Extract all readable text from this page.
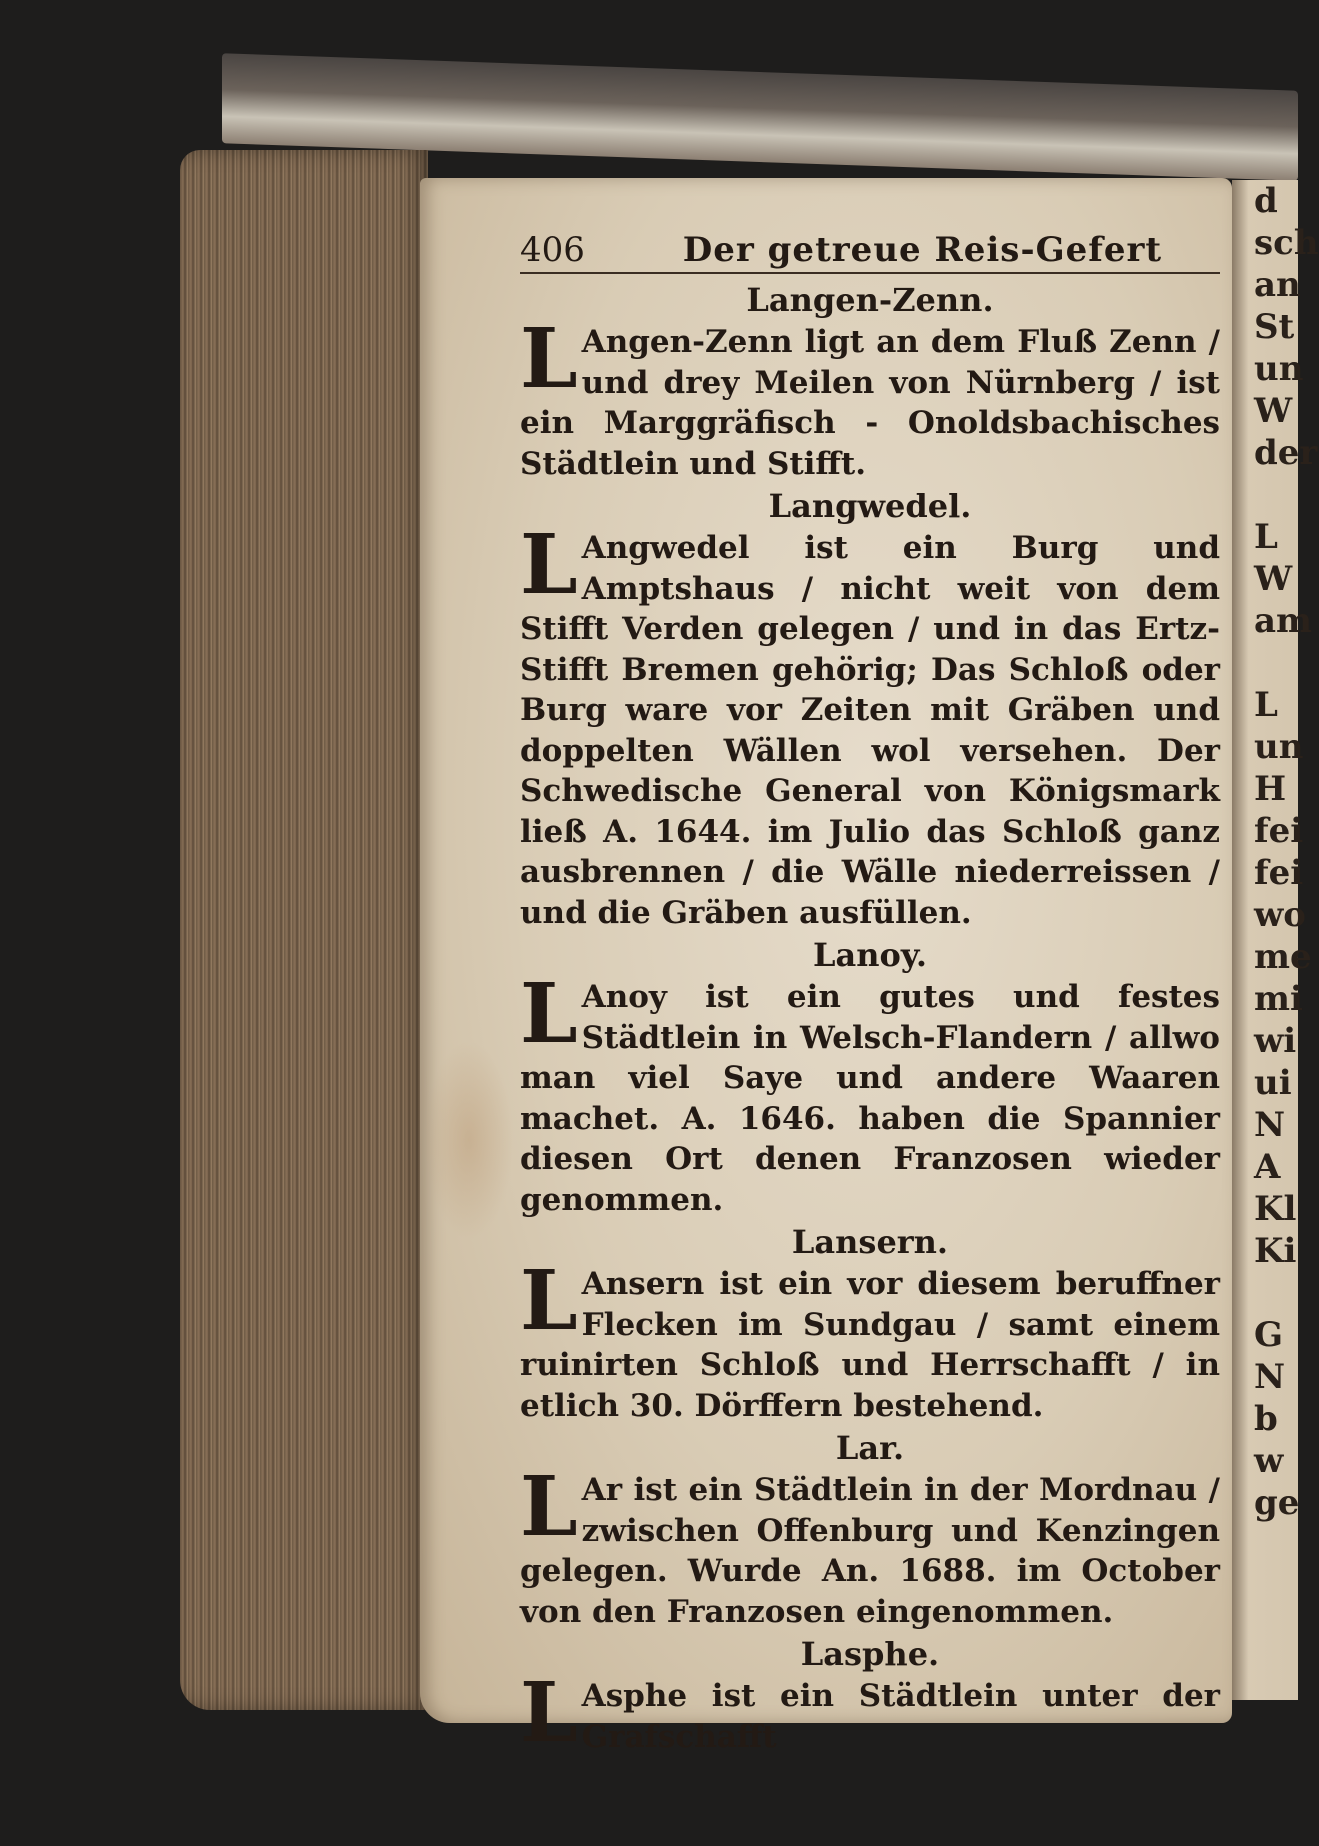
d
sch
an
St
un
W
der

L
W
am

L
un
H
fei
fei
wo
me
mi
wi
ui
N
A
Kl
Ki

G
N
b
w
ge
406	Der getreue Reis-Gefert
Langen-Zenn.

L Angen-Zenn ligt an dem Fluß Zenn / und drey Meilen von Nürnberg / ist ein Marggräfisch - Onoldsbachisches Städtlein und Stifft.

Langwedel.

L Angwedel ist ein Burg und Amptshaus / nicht weit von dem Stifft Verden gelegen / und in das Ertz-Stifft Bremen gehörig; Das Schloß oder Burg ware vor Zeiten mit Gräben und doppelten Wällen wol versehen. Der Schwedische General von Königsmark ließ A. 1644. im Julio das Schloß ganz ausbrennen / die Wälle niederreissen / und die Gräben ausfüllen.

Lanoy.

L Anoy ist ein gutes und festes Städtlein in Welsch-Flandern / allwo man viel Saye und andere Waaren machet. A. 1646. haben die Spannier diesen Ort denen Franzosen wieder genommen.

Lansern.

L Ansern ist ein vor diesem beruffner Flecken im Sundgau / samt einem ruinirten Schloß und Herrschafft / in etlich 30. Dörffern bestehend.

Lar.

L Ar ist ein Städtlein in der Mordnau / zwischen Offenburg und Kenzingen gelegen. Wurde An. 1688. im October von den Franzosen eingenommen.

Lasphe.

L Asphe ist ein Städtlein unter der Grafschafft
